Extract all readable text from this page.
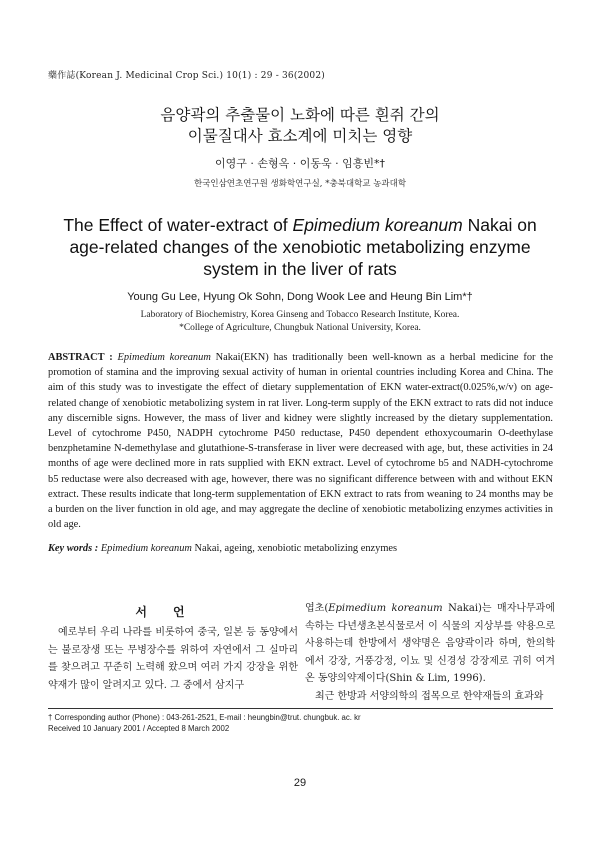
藥作誌(Korean J. Medicinal Crop Sci.) 10(1) : 29 - 36(2002)
음양곽의 추출물이 노화에 따른 흰쥐 간의
이물질대사 효소계에 미치는 영향
이영구 · 손형옥 · 이동욱 · 임흥빈*†
한국인삼연초연구원 생화학연구실, *충북대학교 농과대학
The Effect of water-extract of Epimedium koreanum Nakai on
age-related changes of the xenobiotic metabolizing enzyme
system in the liver of rats
Young Gu Lee, Hyung Ok Sohn, Dong Wook Lee and Heung Bin Lim*†
Laboratory of Biochemistry, Korea Ginseng and Tobacco Research Institute, Korea.
*College of Agriculture, Chungbuk National University, Korea.
ABSTRACT : Epimedium koreanum Nakai(EKN) has traditionally been well-known as a herbal medicine for the promotion of stamina and the improving sexual activity of human in oriental countries including Korea and China. The aim of this study was to investigate the effect of dietary supplementation of EKN water-extract(0.025%,w/v) on age-related change of xenobiotic metabolizing system in rat liver. Long-term supply of the EKN extract to rats did not induce any discernible signs. However, the mass of liver and kidney were slightly increased by the dietary supplementation. Level of cytochrome P450, NADPH cytochrome P450 reductase, P450 dependent ethoxycoumarin O-deethylase benzphetamine N-demethylase and glutathione-S-transferase in liver were decreased with age, but, these activities in 24 months of age were declined more in rats supplied with EKN extract. Level of cytochrome b5 and NADH-cytochrome b5 reductase were also decreased with age, however, there was no significant difference between with and without EKN extract. These results indicate that long-term supplementation of EKN extract to rats from weaning to 24 months may be a burden on the liver function in old age, and may aggregate the decline of xenobiotic metabolizing enzymes activities in old age.
Key words : Epimedium koreanum Nakai, ageing, xenobiotic metabolizing enzymes
서언
예로부터 우리 나라를 비롯하여 중국, 일본 등 동양에서는 불로장생 또는 무병장수를 위하여 자연에서 그 실마리를 찾으려고 꾸준히 노력해 왔으며 여러 가지 강장을 위한 약재가 많이 알려지고 있다. 그 중에서 삼지구
엽초(Epimedium koreanum Nakai)는 매자나무과에 속하는 다년생초본식물로서 이 식물의 지상부를 약용으로 사용하는데 한방에서 생약명은 음양곽이라 하며, 한의학에서 강장, 거풍강정, 이뇨 및 신경성 강장제로 귀히 여겨온 동양의약제이다(Shin & Lim, 1996).
최근 한방과 서양의학의 접목으로 한약재들의 효과와
† Corresponding author (Phone) : 043-261-2521, E-mail : heungbin@trut. chungbuk. ac. kr
Received 10 January 2001 / Accepted 8 March 2002
29
